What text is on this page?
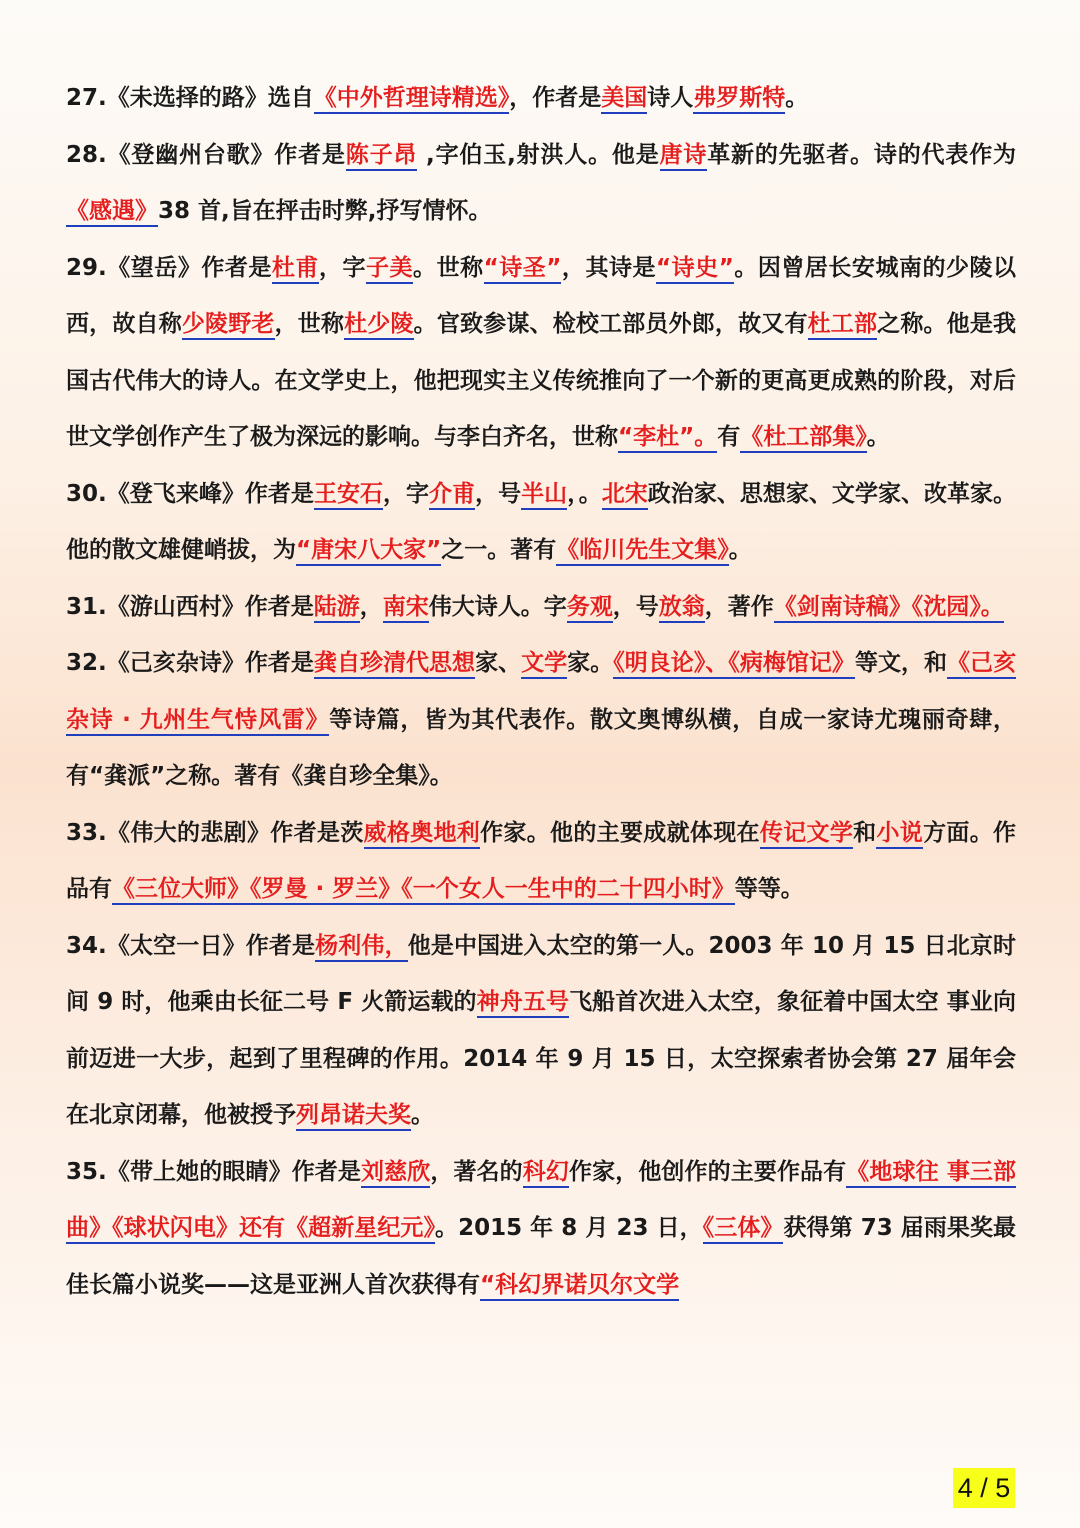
27.《未选择的路》选自《中外哲理诗精选》，作者是美国诗人弗罗斯特。

28.《登幽州台歌》作者是陈子昂 ,字伯玉,射洪人。他是唐诗革新的先驱者。诗的代表作为《感遇》38 首,旨在抨击时弊,抒写情怀。

29.《望岳》作者是杜甫，字子美。世称“诗圣”，其诗是“诗史”。因曾居长安城南的少陵以西，故自称少陵野老，世称杜少陵。官致参谋、检校工部员外郎，故又有杜工部之称。他是我国古代伟大的诗人。在文学史上，他把现实主义传统推向了一个新的更高更成熟的阶段，对后世文学创作产生了极为深远的影响。与李白齐名，世称“李杜”。有《杜工部集》。

30.《登飞来峰》作者是王安石，字介甫，号半山，。北宋政治家、思想家、文学家、改革家。他的散文雄健峭拔，为“唐宋八大家”之一。著有《临川先生文集》。

31.《游山西村》作者是陆游，南宋伟大诗人。字务观，号放翁，著作《剑南诗稿》《沈园》。

32.《己亥杂诗》作者是龚自珍清代思想家、文学家。《明良论》、《病梅馆记》等文，和《己亥杂诗 · 九州生气恃风雷》等诗篇，皆为其代表作。散文奥博纵横，自成一家诗尤瑰丽奇肆，有“龚派”之称。著有《龚自珍全集》。

33.《伟大的悲剧》作者是茨威格奥地利作家。他的主要成就体现在传记文学和小说方面。作品有《三位大师》《罗曼 · 罗兰》《一个女人一生中的二十四小时》等等。

34.《太空一日》作者是杨利伟，他是中国进入太空的第一人。2003 年 10 月 15 日北京时间 9 时，他乘由长征二号 F 火箭运载的神舟五号飞船首次进入太空，象征着中国太空 事业向前迈进一大步，起到了里程碑的作用。2014 年 9 月 15 日，太空探索者协会第 27 届年会在北京闭幕，他被授予列昂诺夫奖。

35.《带上她的眼睛》作者是刘慈欣，著名的科幻作家，他创作的主要作品有《地球往 事三部曲》《球状闪电》还有《超新星纪元》。2015 年 8 月 23 日，《三体》获得第 73 届雨果奖最佳长篇小说奖——这是亚洲人首次获得有“科幻界诺贝尔文学

4 / 5
